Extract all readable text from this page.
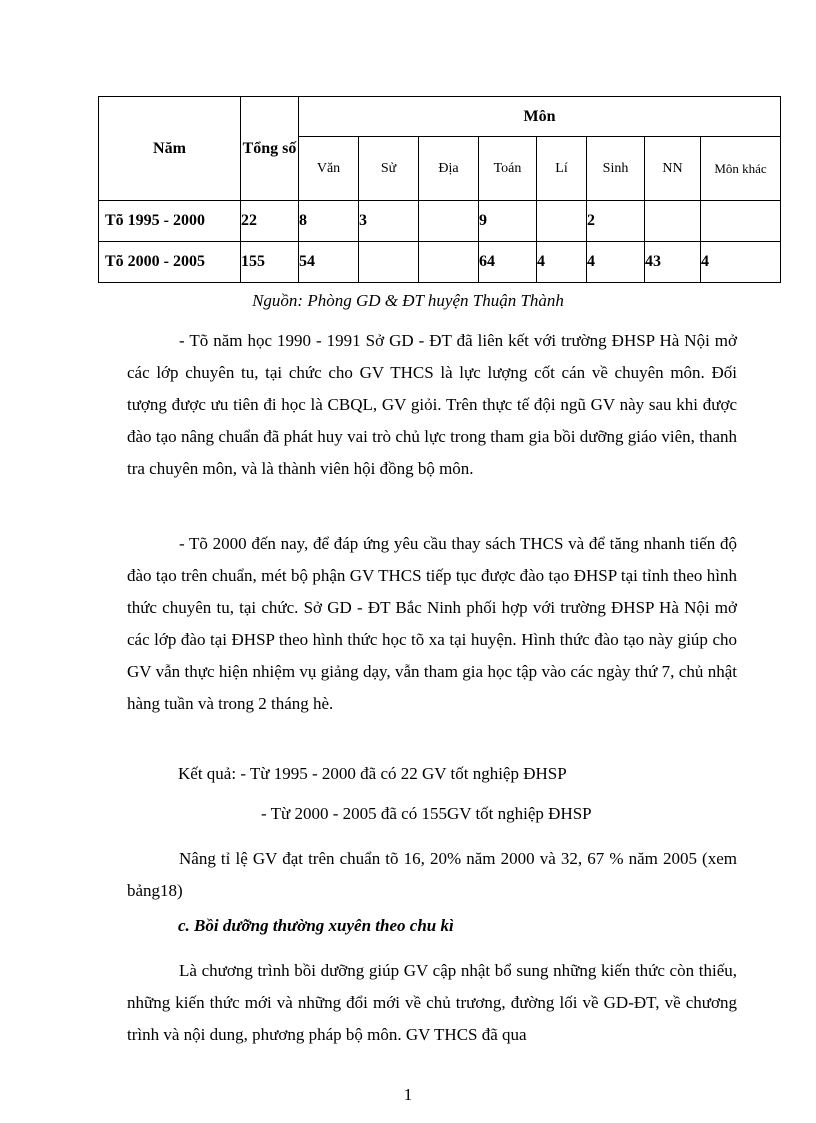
Năm	Tổng số	Môn							
		Văn	Sử	Địa	Toán	Lí	Sinh	NN	Môn khác
Tõ 1995 - 2000	22	8	3		9		2		
Tõ 2000 - 2005	155	54			64	4	4	43	4
Nguồn: Phòng GD & ĐT huyện Thuận Thành

- Tõ năm học 1990 - 1991 Sở GD - ĐT đã liên kết với trường ĐHSP Hà Nội mở các lớp chuyên tu, tại chức cho GV THCS là lực lượng cốt cán về chuyên môn. Đối tượng được ưu tiên đi học là CBQL, GV giỏi. Trên thực tế đội ngũ GV này sau khi được đào tạo nâng chuẩn đã phát huy vai trò chủ lực trong tham gia bồi dưỡng giáo viên, thanh tra chuyên môn, và là thành viên hội đồng bộ môn.

- Tõ 2000 đến nay, để đáp ứng yêu cầu thay sách THCS và để tăng nhanh tiến độ đào tạo trên chuẩn, mét bộ phận GV THCS tiếp tục được đào tạo ĐHSP tại tỉnh theo hình thức chuyên tu, tại chức. Sở GD - ĐT Bắc Ninh phối hợp với trường ĐHSP Hà Nội mở các lớp đào tại ĐHSP theo hình thức học tõ xa tại huyện. Hình thức đào tạo này giúp cho GV vẫn thực hiện nhiệm vụ giảng dạy, vẫn tham gia học tập vào các ngày thứ 7, chủ nhật hàng tuần và trong 2 tháng hè.

Kết quả: - Từ 1995 - 2000 đã có 22 GV tốt nghiệp ĐHSP

- Từ 2000 - 2005 đã có 155GV tốt nghiệp ĐHSP

Nâng tỉ lệ GV đạt trên chuẩn tõ 16, 20% năm 2000 và 32, 67 % năm 2005 (xem bảng18)

c. Bồi dưỡng thường xuyên theo chu kì

Là chương trình bồi dưỡng giúp GV cập nhật bổ sung những kiến thức còn thiếu, những kiến thức mới và những đổi mới về chủ trương, đường lối về GD-ĐT, về chương trình và nội dung, phương pháp bộ môn. GV THCS đã qua

1
